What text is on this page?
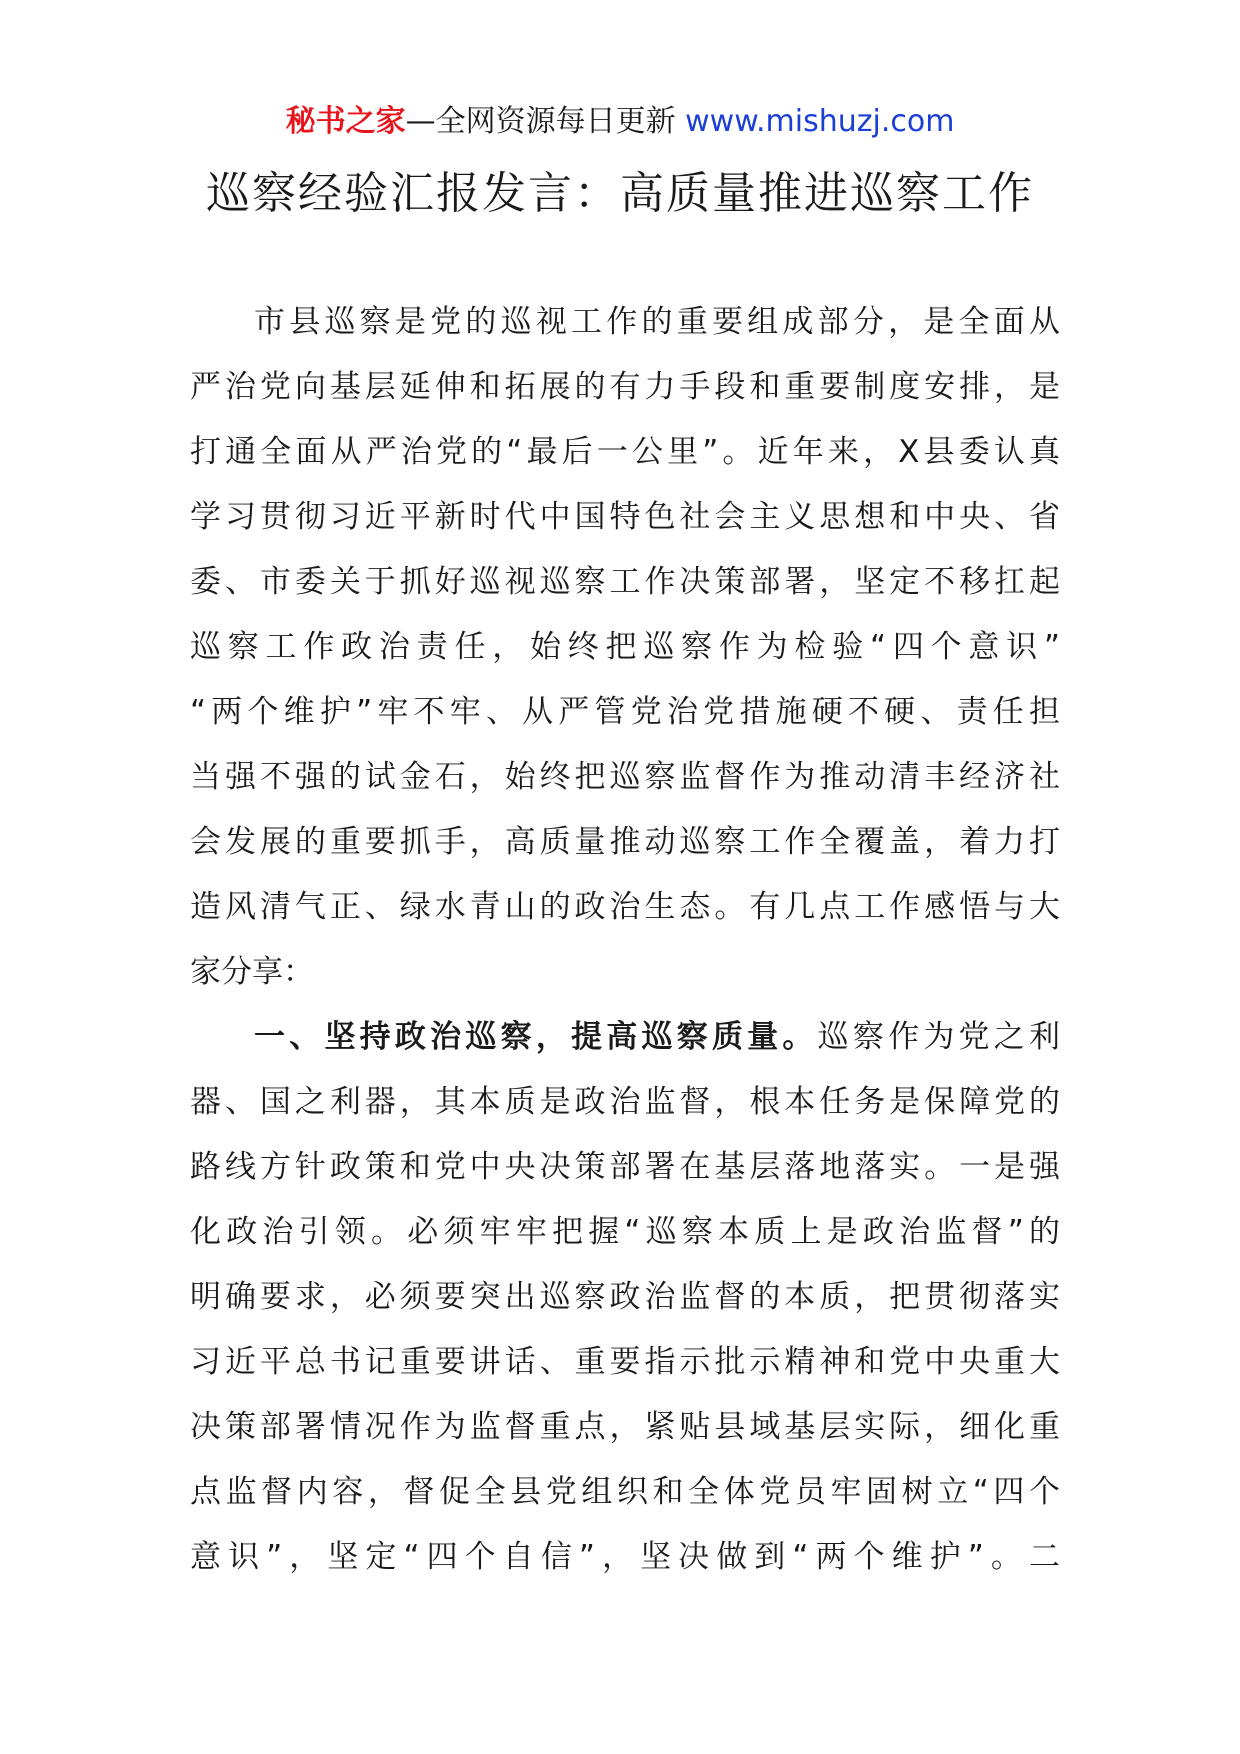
秘书之家—全网资源每日更新 www.mishuzj.com
巡察经验汇报发言：高质量推进巡察工作
市县巡察是党的巡视工作的重要组成部分，是全面从
严治党向基层延伸和拓展的有力手段和重要制度安排，是
打通全面从严治党的“最后一公里”。近年来，X县委认真
学习贯彻习近平新时代中国特色社会主义思想和中央、省
委、市委关于抓好巡视巡察工作决策部署，坚定不移扛起
巡察工作政治责任，始终把巡察作为检验“四个意识”
“两个维护”牢不牢、从严管党治党措施硬不硬、责任担
当强不强的试金石，始终把巡察监督作为推动清丰经济社
会发展的重要抓手，高质量推动巡察工作全覆盖，着力打
造风清气正、绿水青山的政治生态。有几点工作感悟与大
家分享：
一、坚持政治巡察，提高巡察质量。巡察作为党之利
器、国之利器，其本质是政治监督，根本任务是保障党的
路线方针政策和党中央决策部署在基层落地落实。一是强
化政治引领。必须牢牢把握“巡察本质上是政治监督”的
明确要求，必须要突出巡察政治监督的本质，把贯彻落实
习近平总书记重要讲话、重要指示批示精神和党中央重大
决策部署情况作为监督重点，紧贴县域基层实际，细化重
点监督内容，督促全县党组织和全体党员牢固树立“四个
意识”，坚定“四个自信”，坚决做到“两个维护”。二
